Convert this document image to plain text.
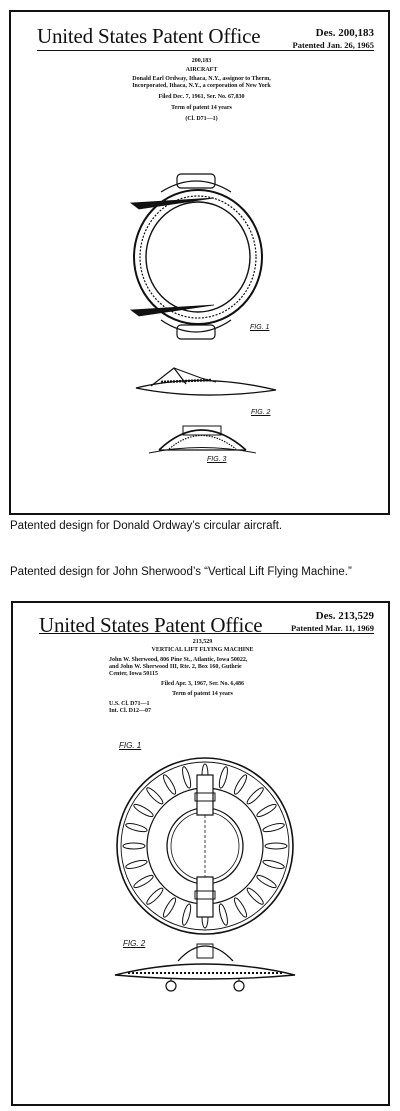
United States Patent Office	Des. 200,183
Patented Jan. 26, 1965
200,183
AIRCRAFT
Donald Earl Ordway, Ithaca, N.Y., assignor to Therm,
Incorporated, Ithaca, N.Y., a corporation of New York
Filed Dec. 7, 1961, Ser. No. 67,830
Term of patent 14 years
(Cl. D71—1)
FIG. 1
FIG. 2
FIG. 3
Patented design for Donald Ordway’s circular aircraft.
Patented design for John Sherwood’s “Vertical Lift Flying Machine.”
United States Patent Office	Des. 213,529
Patented Mar. 11, 1969
213,529
VERTICAL LIFT FLYING MACHINE
John W. Sherwood, 806 Pine St., Atlantic, Iowa 50022,
and John W. Sherwood III, Rte. 2, Box 160, Guthrie
Center, Iowa 50115
Filed Apr. 3, 1967, Ser. No. 6,486
Term of patent 14 years
U.S. Cl. D71—1
Int. Cl. D12—07
FIG. 1
FIG. 2
